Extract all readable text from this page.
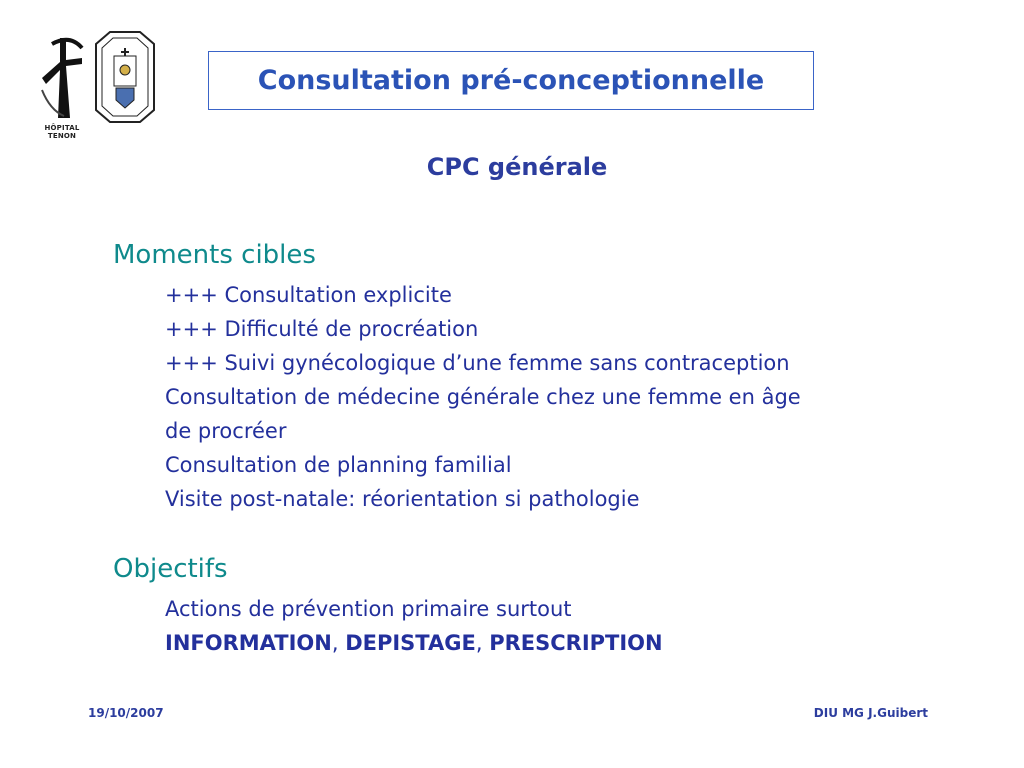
HÔPITAL TENON
Consultation pré-conceptionnelle
CPC générale
Moments cibles
+++ Consultation explicite
+++ Difficulté de procréation
+++ Suivi gynécologique d’une femme sans contraception
Consultation de médecine générale chez une femme en âge
de procréer
Consultation de planning familial
Visite post-natale: réorientation si pathologie
Objectifs
Actions de prévention primaire surtout
INFORMATION, DEPISTAGE, PRESCRIPTION
19/10/2007	DIU MG J.Guibert
